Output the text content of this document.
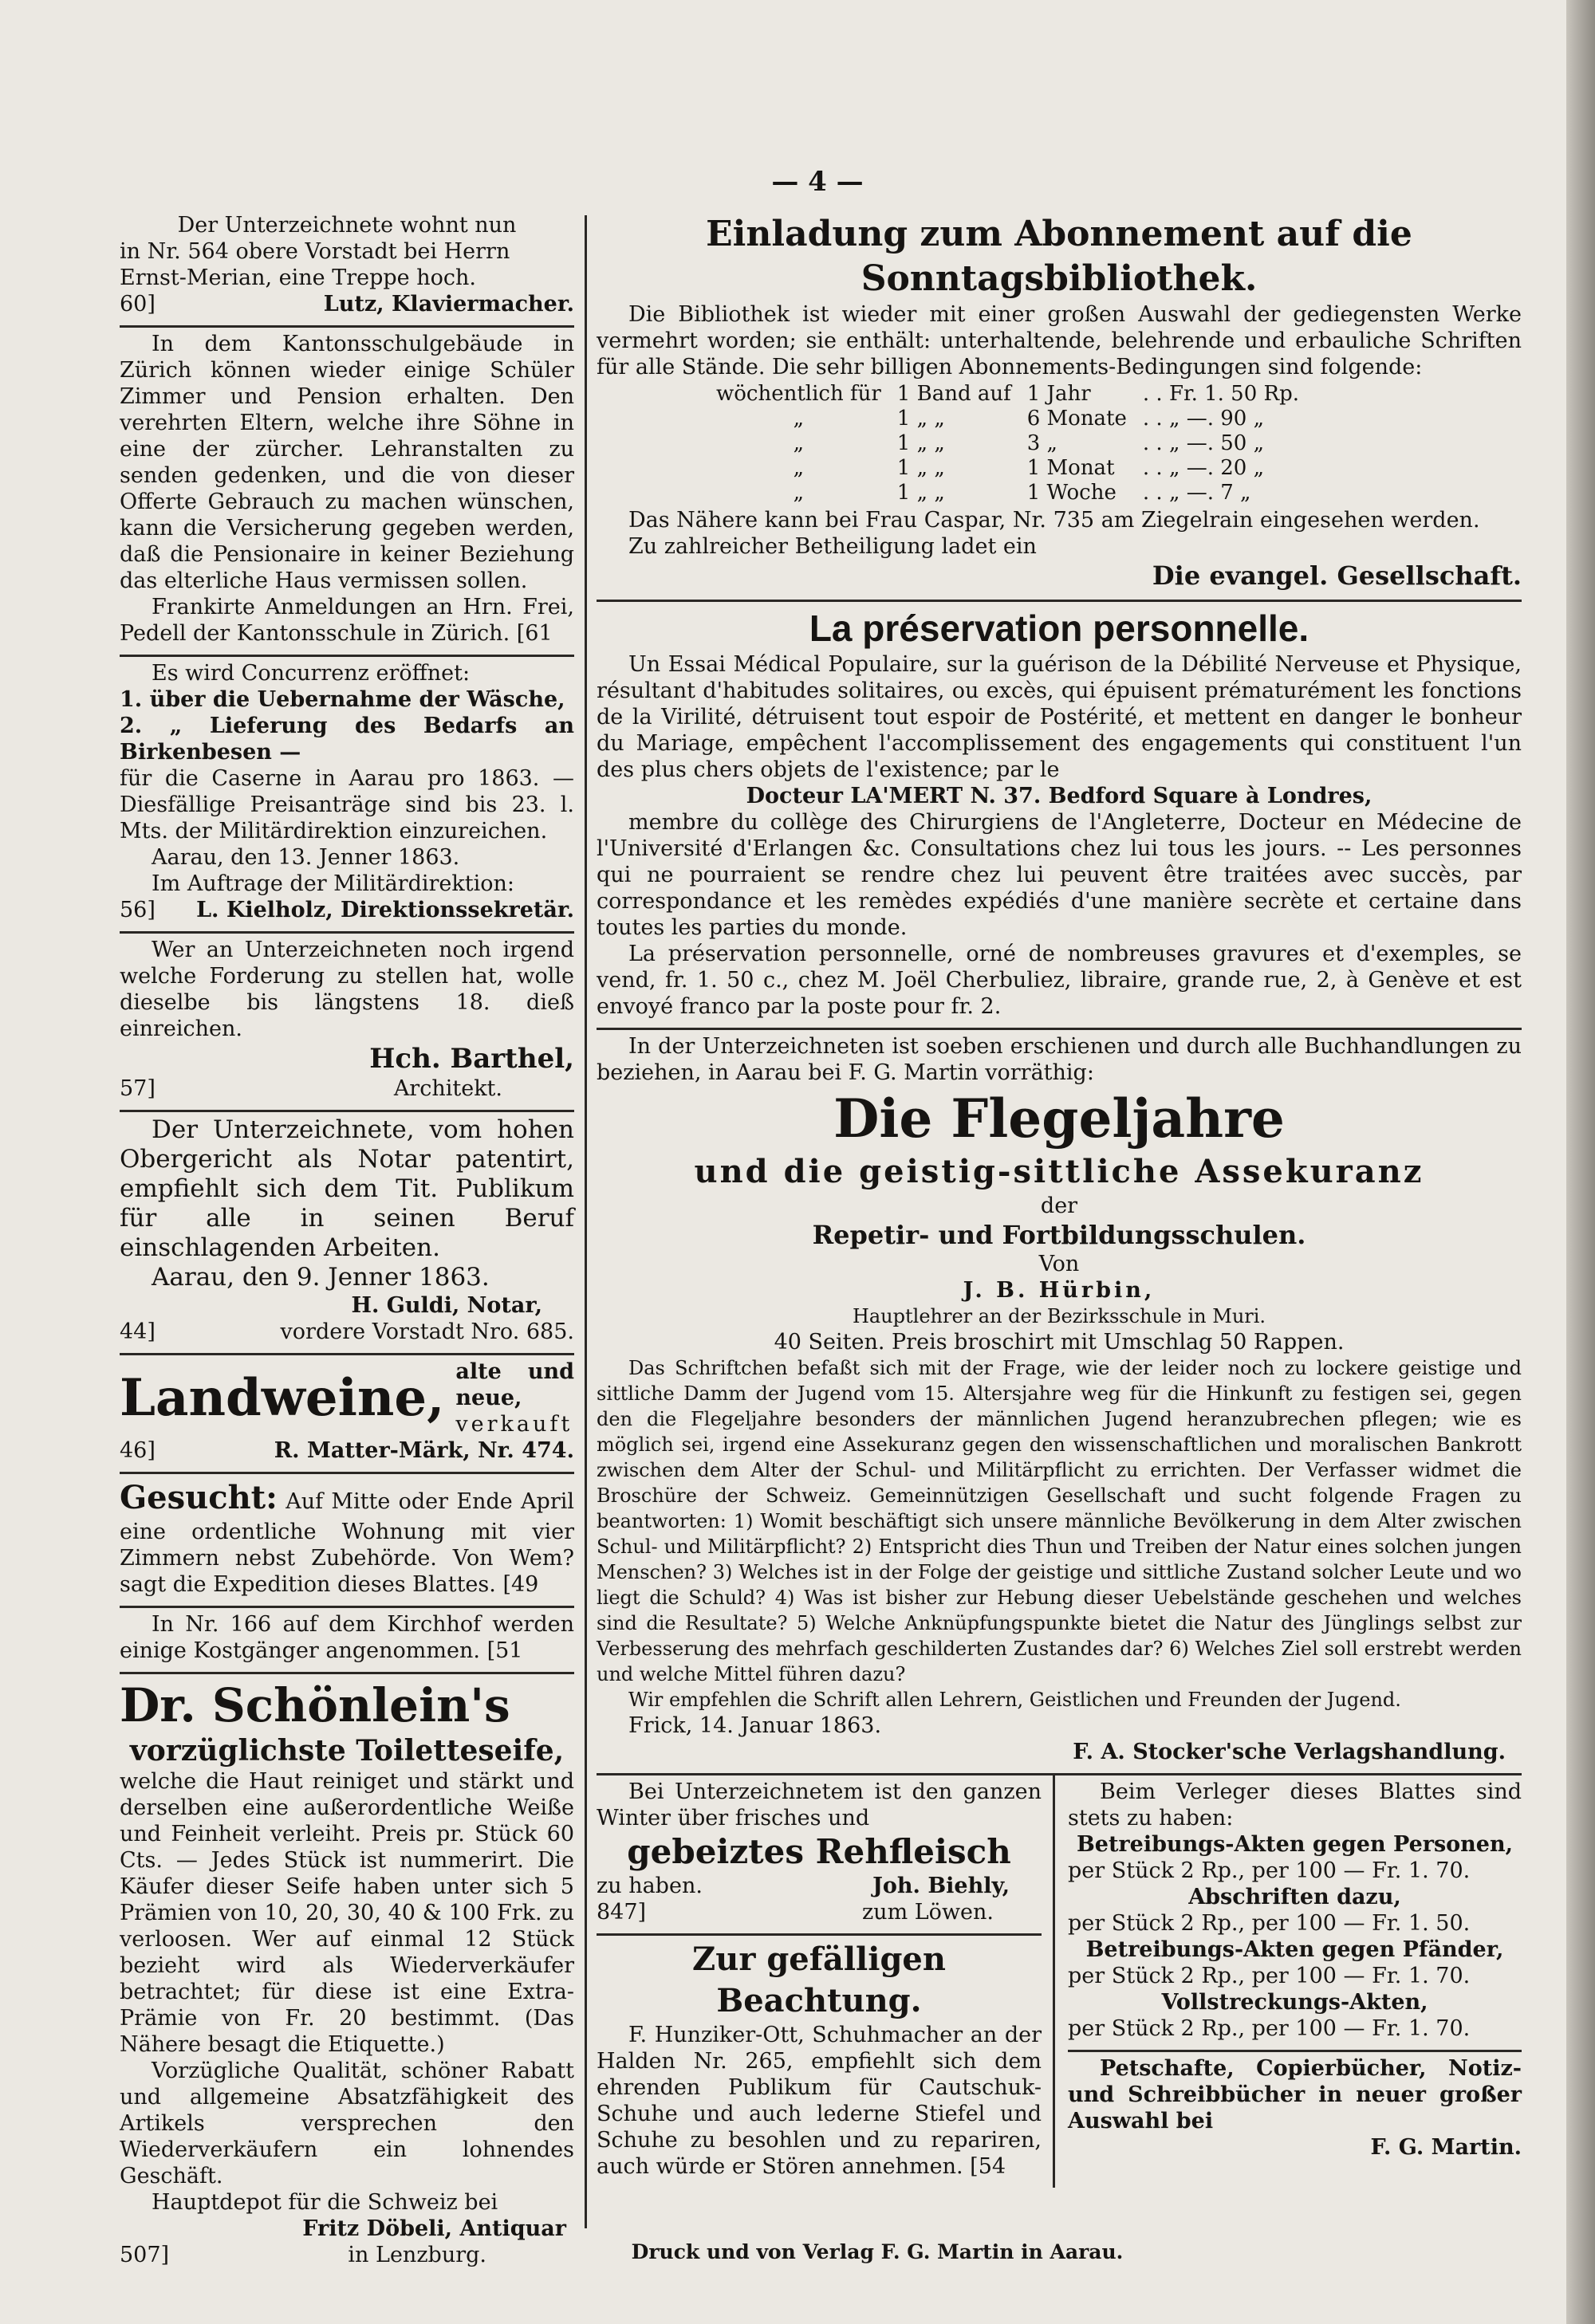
— 4 —

Der Unterzeichnete wohnt nun

in Nr. 564 obere Vorstadt bei Herrn

Ernst-Merian, eine Treppe hoch.

60]	Lutz, Klaviermacher.

In dem Kantonsschulgebäude in Zürich können wieder einige Schüler Zimmer und Pension erhalten. Den verehrten Eltern, welche ihre Söhne in eine der zürcher. Lehranstalten zu senden gedenken, und die von dieser Offerte Gebrauch zu machen wünschen, kann die Versicherung gegeben werden, daß die Pensionaire in keiner Beziehung das elterliche Haus vermissen sollen.

Frankirte Anmeldungen an Hrn. Frei, Pedell der Kantonsschule in Zürich. [61

Es wird Concurrenz eröffnet:

1. über die Uebernahme der Wäsche,

2. „ Lieferung des Bedarfs an Birkenbesen —

für die Caserne in Aarau pro 1863. — Diesfällige Preisanträge sind bis 23. l. Mts. der Militärdirektion einzureichen.

Aarau, den 13. Jenner 1863.

Im Auftrage der Militärdirektion:

56] L. Kielholz, Direktionssekretär.

Wer an Unterzeichneten noch irgend welche Forderung zu stellen hat, wolle dieselbe bis längstens 18. dieß einreichen.

Hch. Barthel,

57]	Architekt.

Der Unterzeichnete, vom hohen Obergericht als Notar patentirt, empfiehlt sich dem Tit. Publikum für alle in seinen Beruf einschlagenden Arbeiten.

Aarau, den 9. Jenner 1863.

H. Guldi, Notar,

44]	vordere Vorstadt Nro. 685.
Landweine, alte und neue,
verkauft
46]	R. Matter-Märk, Nr. 474.

Gesucht: Auf Mitte oder Ende April eine ordentliche Wohnung mit vier Zimmern nebst Zubehörde. Von Wem? sagt die Expedition dieses Blattes. [49

In Nr. 166 auf dem Kirchhof werden einige Kostgänger angenommen. [51

Dr. Schönlein's

vorzüglichste Toiletteseife,

welche die Haut reiniget und stärkt und derselben eine außerordentliche Weiße und Feinheit verleiht. Preis pr. Stück 60 Cts. — Jedes Stück ist nummerirt. Die Käufer dieser Seife haben unter sich 5 Prämien von 10, 20, 30, 40 & 100 Frk. zu verloosen. Wer auf einmal 12 Stück bezieht wird als Wiederverkäufer betrachtet; für diese ist eine Extra-Prämie von Fr. 20 bestimmt. (Das Nähere besagt die Etiquette.)

Vorzügliche Qualität, schöner Rabatt und allgemeine Absatzfähigkeit des Artikels versprechen den Wiederverkäufern ein lohnendes Geschäft.

Hauptdepot für die Schweiz bei

Fritz Döbeli, Antiquar

507]	in Lenzburg.

Einladung zum Abonnement auf die Sonntagsbibliothek.

Die Bibliothek ist wieder mit einer großen Auswahl der gediegensten Werke vermehrt worden; sie enthält: unterhaltende, belehrende und erbauliche Schriften für alle Stände. Die sehr billigen Abonnements-Bedingungen sind folgende:

wöchentlich für	1 Band auf	1 Jahr	. . Fr. 1. 50 Rp.
„	1 „ „	6 Monate	. . „ —. 90 „
„	1 „ „	3 „	. . „ —. 50 „
„	1 „ „	1 Monat	. . „ —. 20 „
„	1 „ „	1 Woche	. . „ —. 7 „

Das Nähere kann bei Frau Caspar, Nr. 735 am Ziegelrain eingesehen werden.

Zu zahlreicher Betheiligung ladet ein

Die evangel. Gesellschaft.

La préservation personnelle.

Un Essai Médical Populaire, sur la guérison de la Débilité Nerveuse et Physique, résultant d'habitudes solitaires, ou excès, qui épuisent prématurément les fonctions de la Virilité, détruisent tout espoir de Postérité, et mettent en danger le bonheur du Mariage, empêchent l'accomplissement des engagements qui constituent l'un des plus chers objets de l'existence; par le

Docteur LA'MERT N. 37. Bedford Square à Londres,

membre du collège des Chirurgiens de l'Angleterre, Docteur en Médecine de l'Université d'Erlangen &c. Consultations chez lui tous les jours. -- Les personnes qui ne pourraient se rendre chez lui peuvent être traitées avec succès, par correspondance et les remèdes expédiés d'une manière secrète et certaine dans toutes les parties du monde.

La préservation personnelle, orné de nombreuses gravures et d'exemples, se vend, fr. 1. 50 c., chez M. Joël Cherbuliez, libraire, grande rue, 2, à Genève et est envoyé franco par la poste pour fr. 2.

In der Unterzeichneten ist soeben erschienen und durch alle Buchhandlungen zu beziehen, in Aarau bei F. G. Martin vorräthig:

Die Flegeljahre

und die geistig-sittliche Assekuranz

der

Repetir- und Fortbildungsschulen.

Von

J. B. Hürbin,

Hauptlehrer an der Bezirksschule in Muri.

40 Seiten. Preis broschirt mit Umschlag 50 Rappen.

Das Schriftchen befaßt sich mit der Frage, wie der leider noch zu lockere geistige und sittliche Damm der Jugend vom 15. Altersjahre weg für die Hinkunft zu festigen sei, gegen den die Flegeljahre besonders der männlichen Jugend heranzubrechen pflegen; wie es möglich sei, irgend eine Assekuranz gegen den wissenschaftlichen und moralischen Bankrott zwischen dem Alter der Schul- und Militärpflicht zu errichten. Der Verfasser widmet die Broschüre der Schweiz. Gemeinnützigen Gesellschaft und sucht folgende Fragen zu beantworten: 1) Womit beschäftigt sich unsere männliche Bevölkerung in dem Alter zwischen Schul- und Militärpflicht? 2) Entspricht dies Thun und Treiben der Natur eines solchen jungen Menschen? 3) Welches ist in der Folge der geistige und sittliche Zustand solcher Leute und wo liegt die Schuld? 4) Was ist bisher zur Hebung dieser Uebelstände geschehen und welches sind die Resultate? 5) Welche Anknüpfungspunkte bietet die Natur des Jünglings selbst zur Verbesserung des mehrfach geschilderten Zustandes dar? 6) Welches Ziel soll erstrebt werden und welche Mittel führen dazu?

Wir empfehlen die Schrift allen Lehrern, Geistlichen und Freunden der Jugend.

Frick, 14. Januar 1863.

F. A. Stocker'sche Verlagshandlung.

Bei Unterzeichnetem ist den ganzen Winter über frisches und

gebeiztes Rehfleisch

zu haben.	Joh. Biehly,
847]	zum Löwen.

Zur gefälligen Beachtung.

F. Hunziker-Ott, Schuhmacher an der Halden Nr. 265, empfiehlt sich dem ehrenden Publikum für Cautschuk-Schuhe und auch lederne Stiefel und Schuhe zu besohlen und zu repariren, auch würde er Stören annehmen. [54

Beim Verleger dieses Blattes sind stets zu haben:

Betreibungs-Akten gegen Personen,

per Stück 2 Rp., per 100 — Fr. 1. 70.

Abschriften dazu,

per Stück 2 Rp., per 100 — Fr. 1. 50.

Betreibungs-Akten gegen Pfänder,

per Stück 2 Rp., per 100 — Fr. 1. 70.

Vollstreckungs-Akten,

per Stück 2 Rp., per 100 — Fr. 1. 70.

Petschafte, Copierbücher, Notiz- und Schreibbücher in neuer großer Auswahl bei

F. G. Martin.

Druck und von Verlag F. G. Martin in Aarau.
